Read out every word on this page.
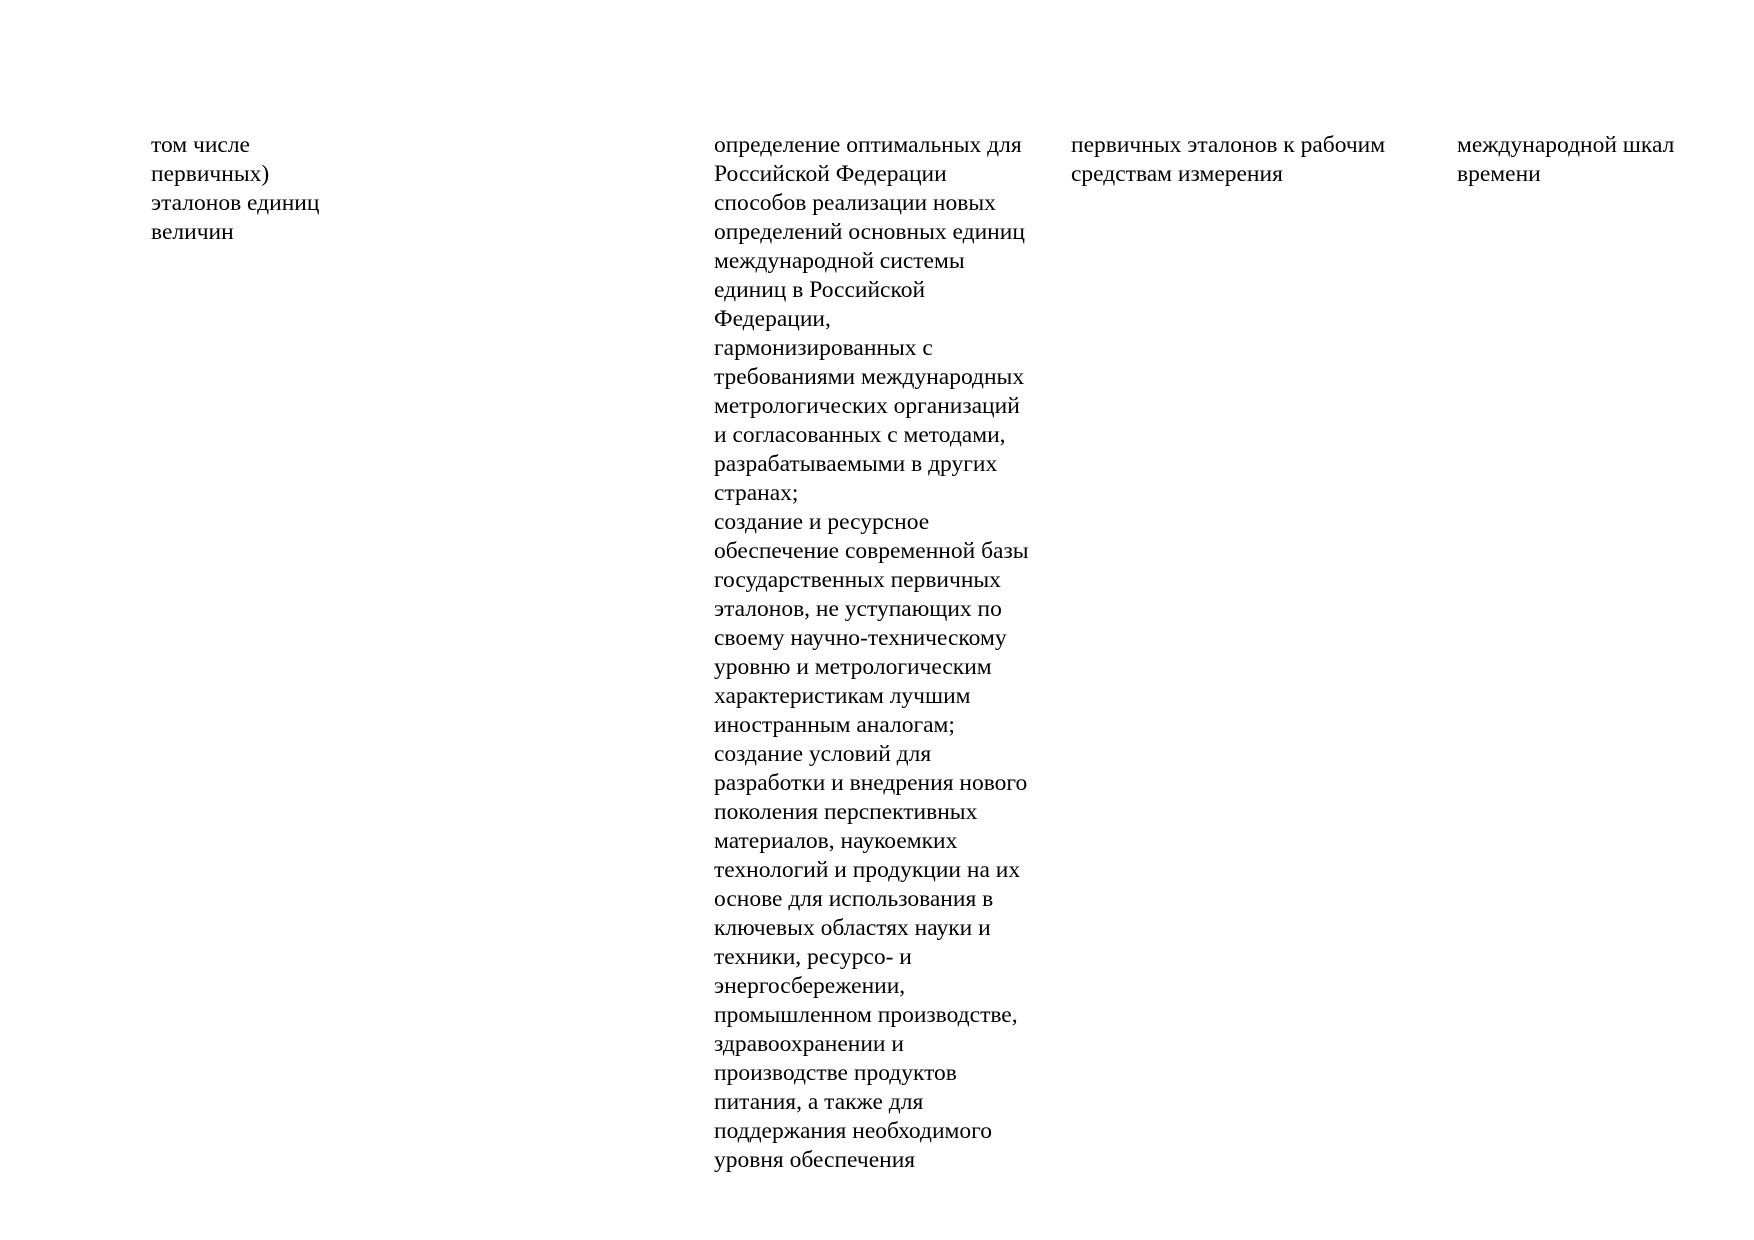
том числе
первичных)
эталонов единиц
величин
определение оптимальных для
Российской Федерации
способов реализации новых
определений основных единиц
международной системы
единиц в Российской
Федерации,
гармонизированных с
требованиями международных
метрологических организаций
и согласованных с методами,
разрабатываемыми в других
странах;
создание и ресурсное
обеспечение современной базы
государственных первичных
эталонов, не уступающих по
своему научно-техническому
уровню и метрологическим
характеристикам лучшим
иностранным аналогам;
создание условий для
разработки и внедрения нового
поколения перспективных
материалов, наукоемких
технологий и продукции на их
основе для использования в
ключевых областях науки и
техники, ресурсо- и
энергосбережении,
промышленном производстве,
здравоохранении и
производстве продуктов
питания, а также для
поддержания необходимого
уровня обеспечения
первичных эталонов к рабочим
средствам измерения
международной шкал
времени
